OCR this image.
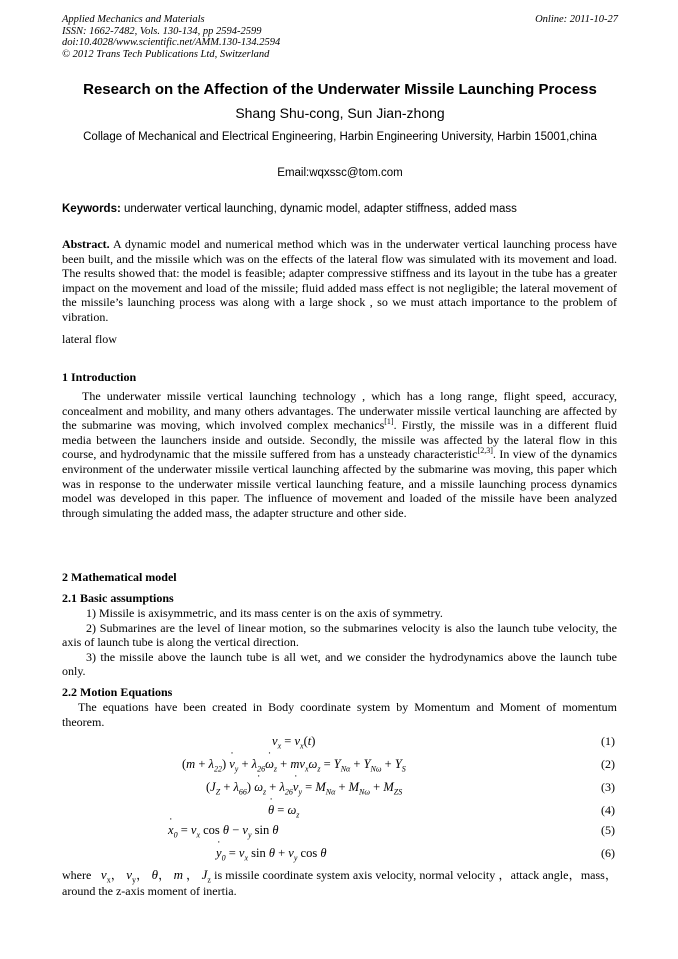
Applied Mechanics and Materials
ISSN: 1662-7482, Vols. 130-134, pp 2594-2599
doi:10.4028/www.scientific.net/AMM.130-134.2594
© 2012 Trans Tech Publications Ltd, Switzerland
Online: 2011-10-27
Research on the Affection of the Underwater Missile Launching Process
Shang Shu-cong, Sun Jian-zhong
Collage of Mechanical and Electrical Engineering, Harbin Engineering University, Harbin 15001,china
Email:wqxssc@tom.com
Keywords: underwater vertical launching, dynamic model, adapter stiffness, added mass
Abstract. A dynamic model and numerical method which was in the underwater vertical launching process have been built, and the missile which was on the effects of the lateral flow was simulated with its movement and load. The results showed that: the model is feasible; adapter compressive stiffness and its layout in the tube has a greater impact on the movement and load of the missile; fluid added mass effect is not negligible; the lateral movement of the missile’s launching process was along with a large shock , so we must attach importance to the problem of vibration.
lateral flow
1 Introduction
The underwater missile vertical launching technology , which has a long range, flight speed, accuracy, concealment and mobility, and many others advantages. The underwater missile vertical launching are affected by the submarine was moving, which involved complex mechanics[1]. Firstly, the missile was in a different fluid media between the launchers inside and outside. Secondly, the missile was affected by the lateral flow in this course, and hydrodynamic that the missile suffered from has a unsteady characteristic[2,3]. In view of the dynamics environment of the underwater missile vertical launching affected by the submarine was moving, this paper which was in response to the underwater missile vertical launching feature, and a missile launching process dynamics model was developed in this paper. The influence of movement and loaded of the missile have been analyzed through simulating the added mass, the adapter structure and other side.
2 Mathematical model
2.1 Basic assumptions

1) Missile is axisymmetric, and its mass center is on the axis of symmetry.

2) Submarines are the level of linear motion, so the submarines velocity is also the launch tube velocity, the axis of launch tube is along the vertical direction.

3) the missile above the launch tube is all wet, and we consider the hydrodynamics above the launch tube only.

2.2 Motion Equations
The equations have been created in Body coordinate system by Momentum and Moment of momentum theorem.
$v_x = v_x(t)$	(1)
$(m + \lambda_{22})$ ˙ $v_y$ + $\lambda_{26}˙$ $\omega_z + mv_x\omega_z = Y_{N\alpha} + Y_{N\omega} + Y_S$	(2)
$(J_Z + \lambda_{66})$ ˙ $\omega_z$ + $\lambda_{26}˙$ $v_y = M_{N\alpha} + M_{N\omega} + M_{ZS}$	(3)
˙ $\theta = \omega_z$	(4)
˙ $x_0 = v_x$ $\cos \theta - v_y$ sin θ	(5)
˙ $y_0 = v_x$ $\sin \theta + v_y$ cos θ	(6)
where $v_x$， $v_y$， θ， m ， $J_z$ is missile coordinate system axis velocity, normal velocity ，attack angle，mass，around the z-axis moment of inertia.
